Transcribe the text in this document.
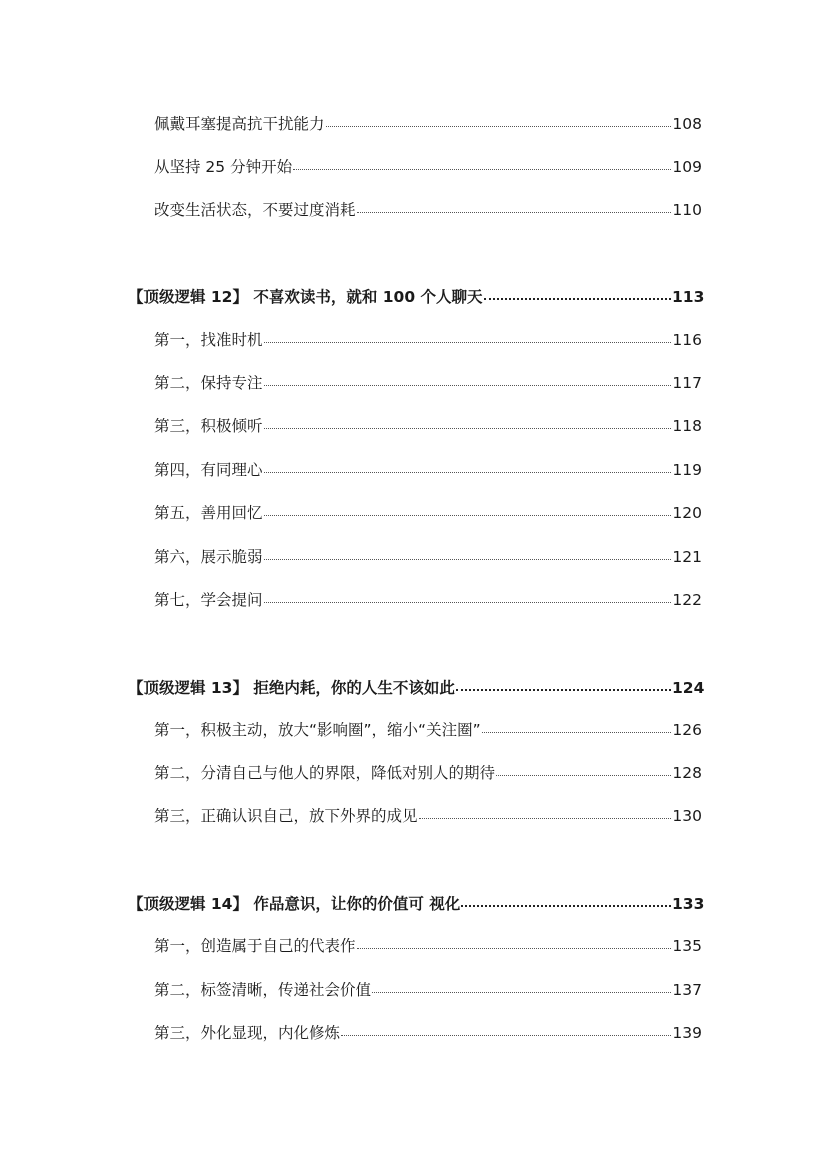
佩戴耳塞提高抗干扰能力	108
从坚持 25 分钟开始	109
改变生活状态，不要过度消耗	110
【顶级逻辑 12】 不喜欢读书，就和 100 个人聊天	113
第一，找准时机	116
第二，保持专注	117
第三，积极倾听	118
第四，有同理心	119
第五，善用回忆	120
第六，展示脆弱	121
第七，学会提问	122
【顶级逻辑 13】 拒绝内耗，你的人生不该如此	124
第一，积极主动，放大“影响圈”，缩小“关注圈”	126
第二，分清自己与他人的界限，降低对别人的期待	128
第三，正确认识自己，放下外界的成见	130
【顶级逻辑 14】 作品意识，让你的价值可 视化	133
第一，创造属于自己的代表作	135
第二，标签清晰，传递社会价值	137
第三，外化显现，内化修炼	139
